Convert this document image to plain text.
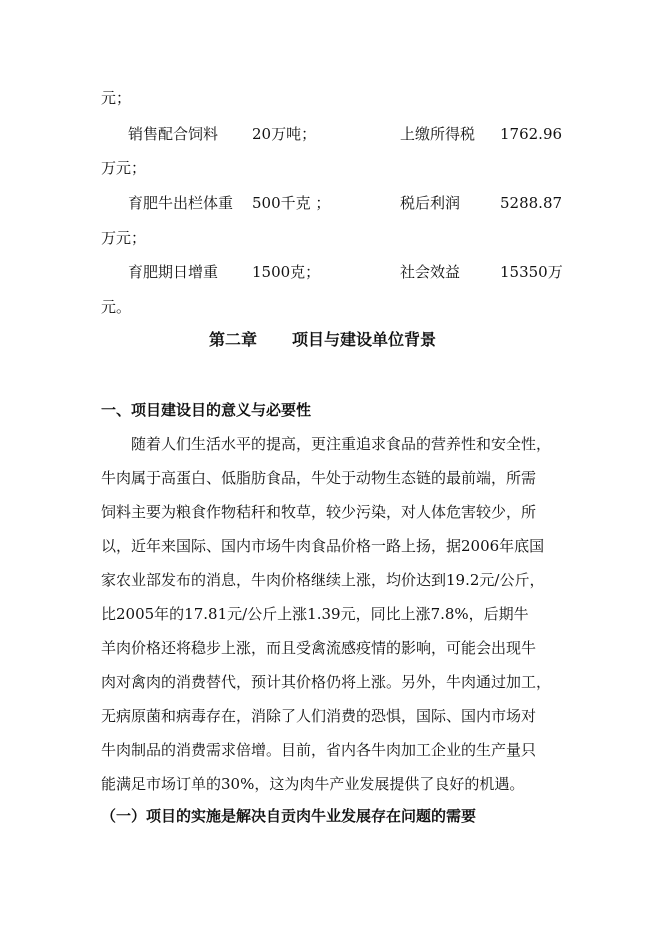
元；
销售配合饲料 20万吨；	上缴所得税 1762.96
万元；
育肥牛出栏体重 500千克 ；	税后利润	5288.87
万元；
育肥期日增重 1500克；	社会效益	15350万
元。
第二章 项目与建设单位背景
一、项目建设目的意义与必要性
　　随着人们生活水平的提高，更注重追求食品的营养性和安全性，
牛肉属于高蛋白、低脂肪食品，牛处于动物生态链的最前端，所需
饲料主要为粮食作物秸秆和牧草，较少污染，对人体危害较少，所
以，近年来国际、国内市场牛肉食品价格一路上扬，据2006年底国
家农业部发布的消息，牛肉价格继续上涨，均价达到19.2元/公斤，
比2005年的17.81元/公斤上涨1.39元，同比上涨7.8%，后期牛
羊肉价格还将稳步上涨，而且受禽流感疫情的影响，可能会出现牛
肉对禽肉的消费替代，预计其价格仍将上涨。另外，牛肉通过加工，
无病原菌和病毒存在，消除了人们消费的恐惧，国际、国内市场对
牛肉制品的消费需求倍增。目前，省内各牛肉加工企业的生产量只
能满足市场订单的30%，这为肉牛产业发展提供了良好的机遇。
（一）项目的实施是解决自贡肉牛业发展存在问题的需要
